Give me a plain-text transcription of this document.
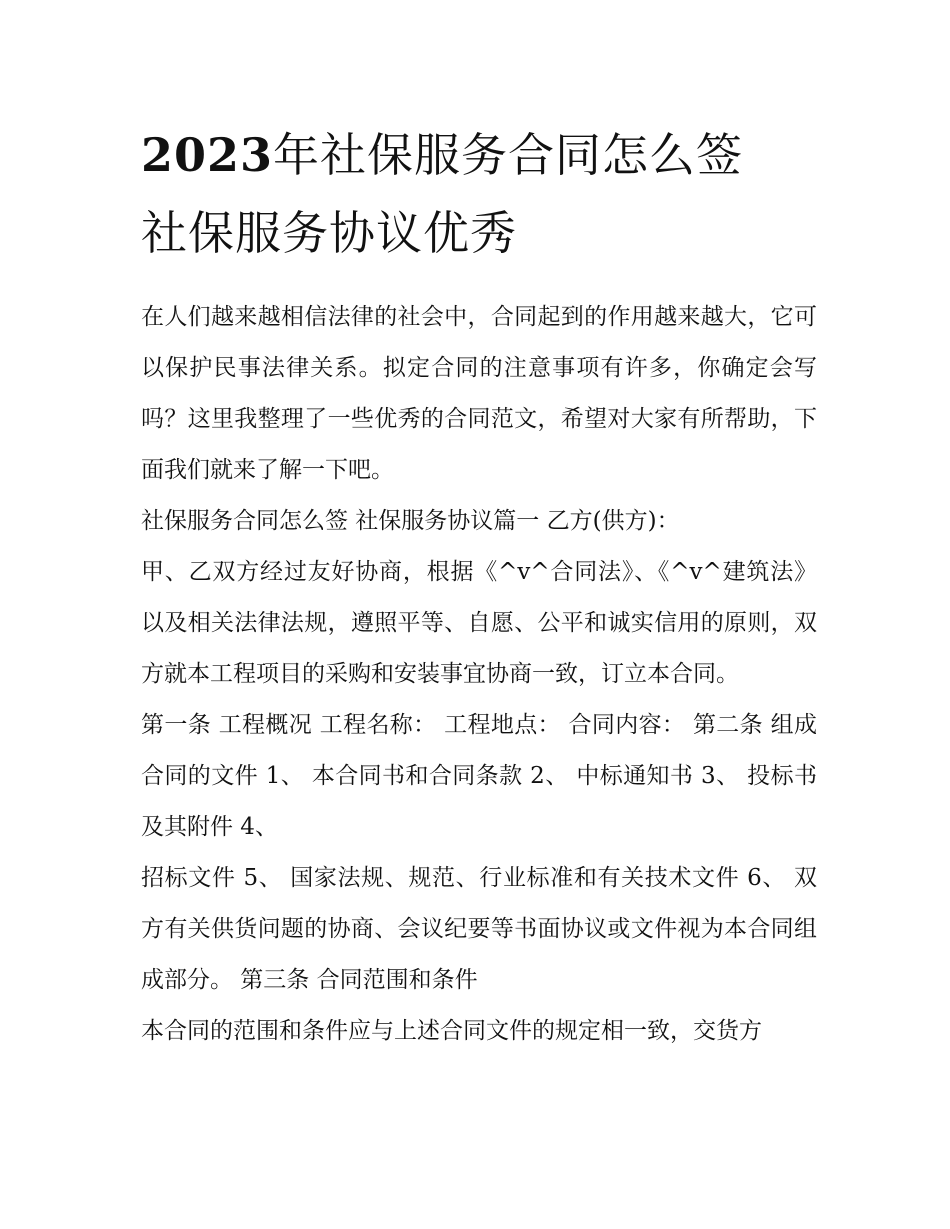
2023年社保服务合同怎么签
社保服务协议优秀

在人们越来越相信法律的社会中，合同起到的作用越来越大，它可以保护民事法律关系。拟定合同的注意事项有许多，你确定会写吗？这里我整理了一些优秀的合同范文，希望对大家有所帮助，下面我们就来了解一下吧。

社保服务合同怎么签 社保服务协议篇一 乙方(供方)：

甲、乙双方经过友好协商，根据《^v^合同法》、《^v^建筑法》以及相关法律法规，遵照平等、自愿、公平和诚实信用的原则，双方就本工程项目的采购和安装事宜协商一致，订立本合同。

第一条 工程概况 工程名称： 工程地点： 合同内容： 第二条 组成合同的文件 1、 本合同书和合同条款 2、 中标通知书 3、 投标书及其附件 4、

招标文件 5、 国家法规、规范、行业标准和有关技术文件 6、 双方有关供货问题的协商、会议纪要等书面协议或文件视为本合同组成部分。 第三条 合同范围和条件

本合同的范围和条件应与上述合同文件的规定相一致，交货方
